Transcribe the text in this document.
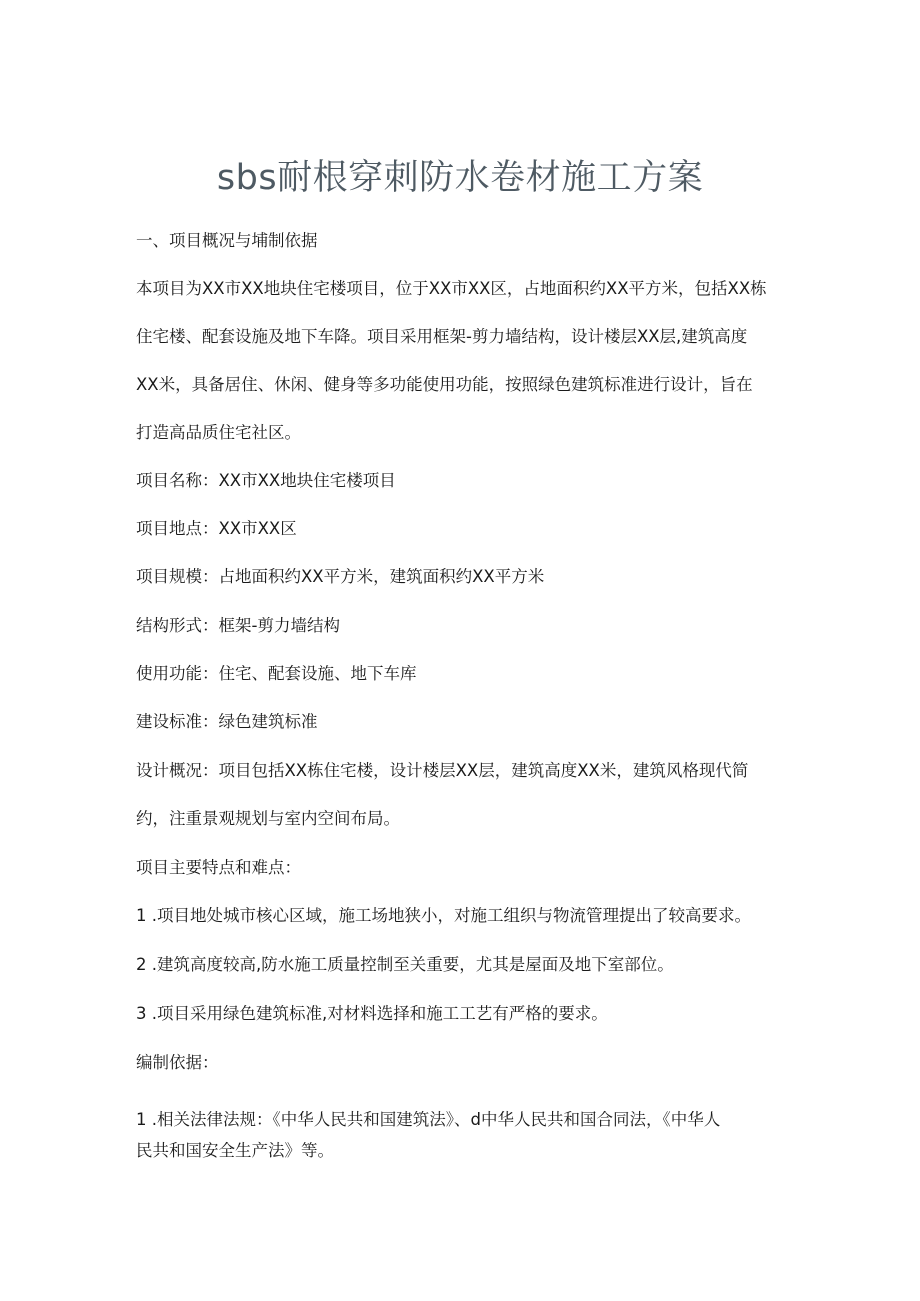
sbs耐根穿刺防水卷材施工方案
一、项目概况与埔制依据
本项目为XX市XX地块住宅楼项目，位于XX市XX区，占地面积约XX平方米，包括XX栋
住宅楼、配套设施及地下车降。项目采用框架-剪力墙结构，设计楼层XX层,建筑高度
XX米，具备居住、休闲、健身等多功能使用功能，按照绿色建筑标准进行设计，旨在
打造高品质住宅社区。
项目名称：XX市XX地块住宅楼项目
项目地点：XX市XX区
项目规模：占地面积约XX平方米，建筑面积约XX平方米
结构形式：框架-剪力墙结构
使用功能：住宅、配套设施、地下车库
建设标准：绿色建筑标准
设计概况：项目包括XX栋住宅楼，设计楼层XX层，建筑高度XX米，建筑风格现代简
约，注重景观规划与室内空间布局。
项目主要特点和难点：
1 .项目地处城市核心区域，施工场地狭小，对施工组织与物流管理提出了较高要求。
2 .建筑高度较高,防水施工质量控制至关重要，尤其是屋面及地下室部位。
3 .项目采用绿色建筑标准,对材料选择和施工工艺有严格的要求。
编制依据：
1 .相关法律法规：《中华人民共和国建筑法》、d中华人民共和国合同法，《中华人
民共和国安全生产法》等。
